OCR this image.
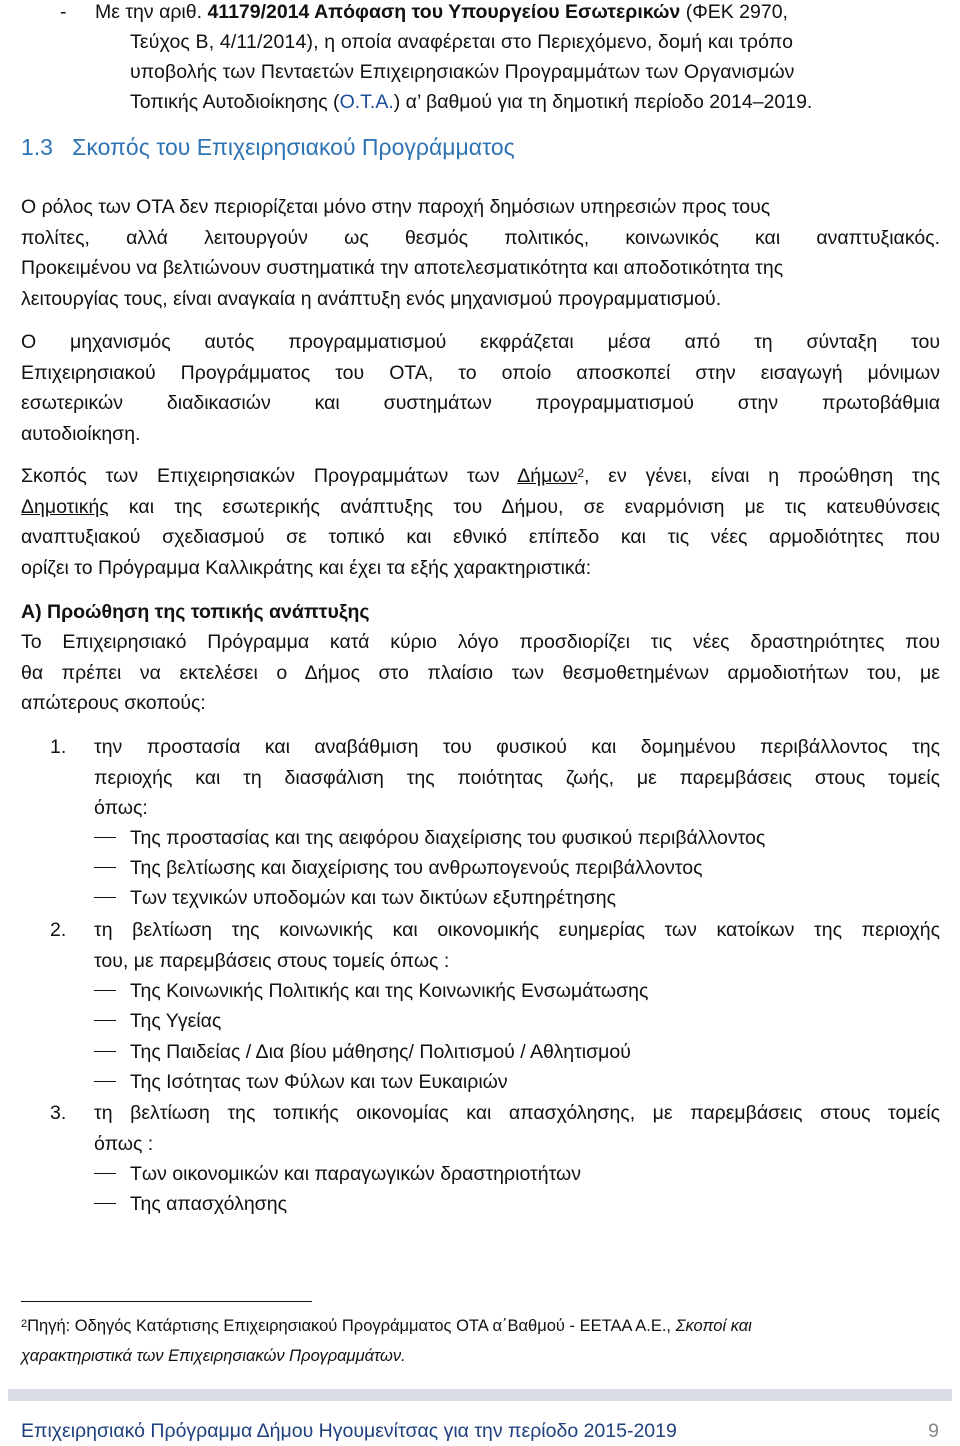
- Με την αριθ. 41179/2014 Απόφαση του Υπουργείου Εσωτερικών (ΦΕΚ 2970,
Τεύχος Β, 4/11/2014), η οποία αναφέρεται στο Περιεχόμενο, δομή και τρόπο
υποβολής των Πενταετών Επιχειρησιακών Προγραμμάτων των Οργανισμών
Τοπικής Αυτοδιοίκησης (Ο.Τ.Α.) α’ βαθμού για τη δημοτική περίοδο 2014–2019.
1.3 Σκοπός του Επιχειρησιακού Προγράμματος
Ο ρόλος των ΟΤΑ δεν περιορίζεται μόνο στην παροχή δημόσιων υπηρεσιών προς τους
πολίτες, αλλά λειτουργούν ως θεσμός πολιτικός, κοινωνικός και αναπτυξιακός.
Προκειμένου να βελτιώνουν συστηματικά την αποτελεσματικότητα και αποδοτικότητα της
λειτουργίας τους, είναι αναγκαία η ανάπτυξη ενός μηχανισμού προγραμματισμού.
Ο μηχανισμός αυτός προγραμματισμού εκφράζεται μέσα από τη σύνταξη του
Επιχειρησιακού Προγράμματος του ΟΤΑ, το οποίο αποσκοπεί στην εισαγωγή μόνιμων
εσωτερικών διαδικασιών και συστημάτων προγραμματισμού στην πρωτοβάθμια
αυτοδιοίκηση.
Σκοπός των Επιχειρησιακών Προγραμμάτων των Δήμων$^2$, εν γένει, είναι η προώθηση της
Δημοτικής και της εσωτερικής ανάπτυξης του Δήμου, σε εναρμόνιση με τις κατευθύνσεις
αναπτυξιακού σχεδιασμού σε τοπικό και εθνικό επίπεδο και τις νέες αρμοδιότητες που
ορίζει το Πρόγραμμα Καλλικράτης και έχει τα εξής χαρακτηριστικά:
Α) Προώθηση της τοπικής ανάπτυξης
Το Επιχειρησιακό Πρόγραμμα κατά κύριο λόγο προσδιορίζει τις νέες δραστηριότητες που
θα πρέπει να εκτελέσει ο Δήμος στο πλαίσιο των θεσμοθετημένων αρμοδιοτήτων του, με
απώτερους σκοπούς:
1. την προστασία και αναβάθμιση του φυσικού και δομημένου περιβάλλοντος της
περιοχής και τη διασφάλιση της ποιότητας ζωής, με παρεμβάσεις στους τομείς
όπως:
Της προστασίας και της αειφόρου διαχείρισης του φυσικού περιβάλλοντος
Της βελτίωσης και διαχείρισης του ανθρωπογενούς περιβάλλοντος
Των τεχνικών υποδομών και των δικτύων εξυπηρέτησης
2. τη βελτίωση της κοινωνικής και οικονομικής ευημερίας των κατοίκων της περιοχής
του, με παρεμβάσεις στους τομείς όπως :
Της Κοινωνικής Πολιτικής και της Κοινωνικής Ενσωμάτωσης
Της Υγείας
Της Παιδείας / Δια βίου μάθησης/ Πολιτισμού / Αθλητισμού
Της Ισότητας των Φύλων και των Ευκαιριών
3. τη βελτίωση της τοπικής οικονομίας και απασχόλησης, με παρεμβάσεις στους τομείς
όπως :
Των οικονομικών και παραγωγικών δραστηριοτήτων
Της απασχόλησης
$^2$Πηγή: Οδηγός Κατάρτισης Επιχειρησιακού Προγράμματος ΟΤΑ α΄Βαθμού - ΕΕΤΑΑ Α.Ε., Σκοποί και
χαρακτηριστικά των Επιχειρησιακών Προγραμμάτων.
Επιχειρησιακό Πρόγραμμα Δήμου Ηγουμενίτσας για την περίοδο 2015-2019	9
